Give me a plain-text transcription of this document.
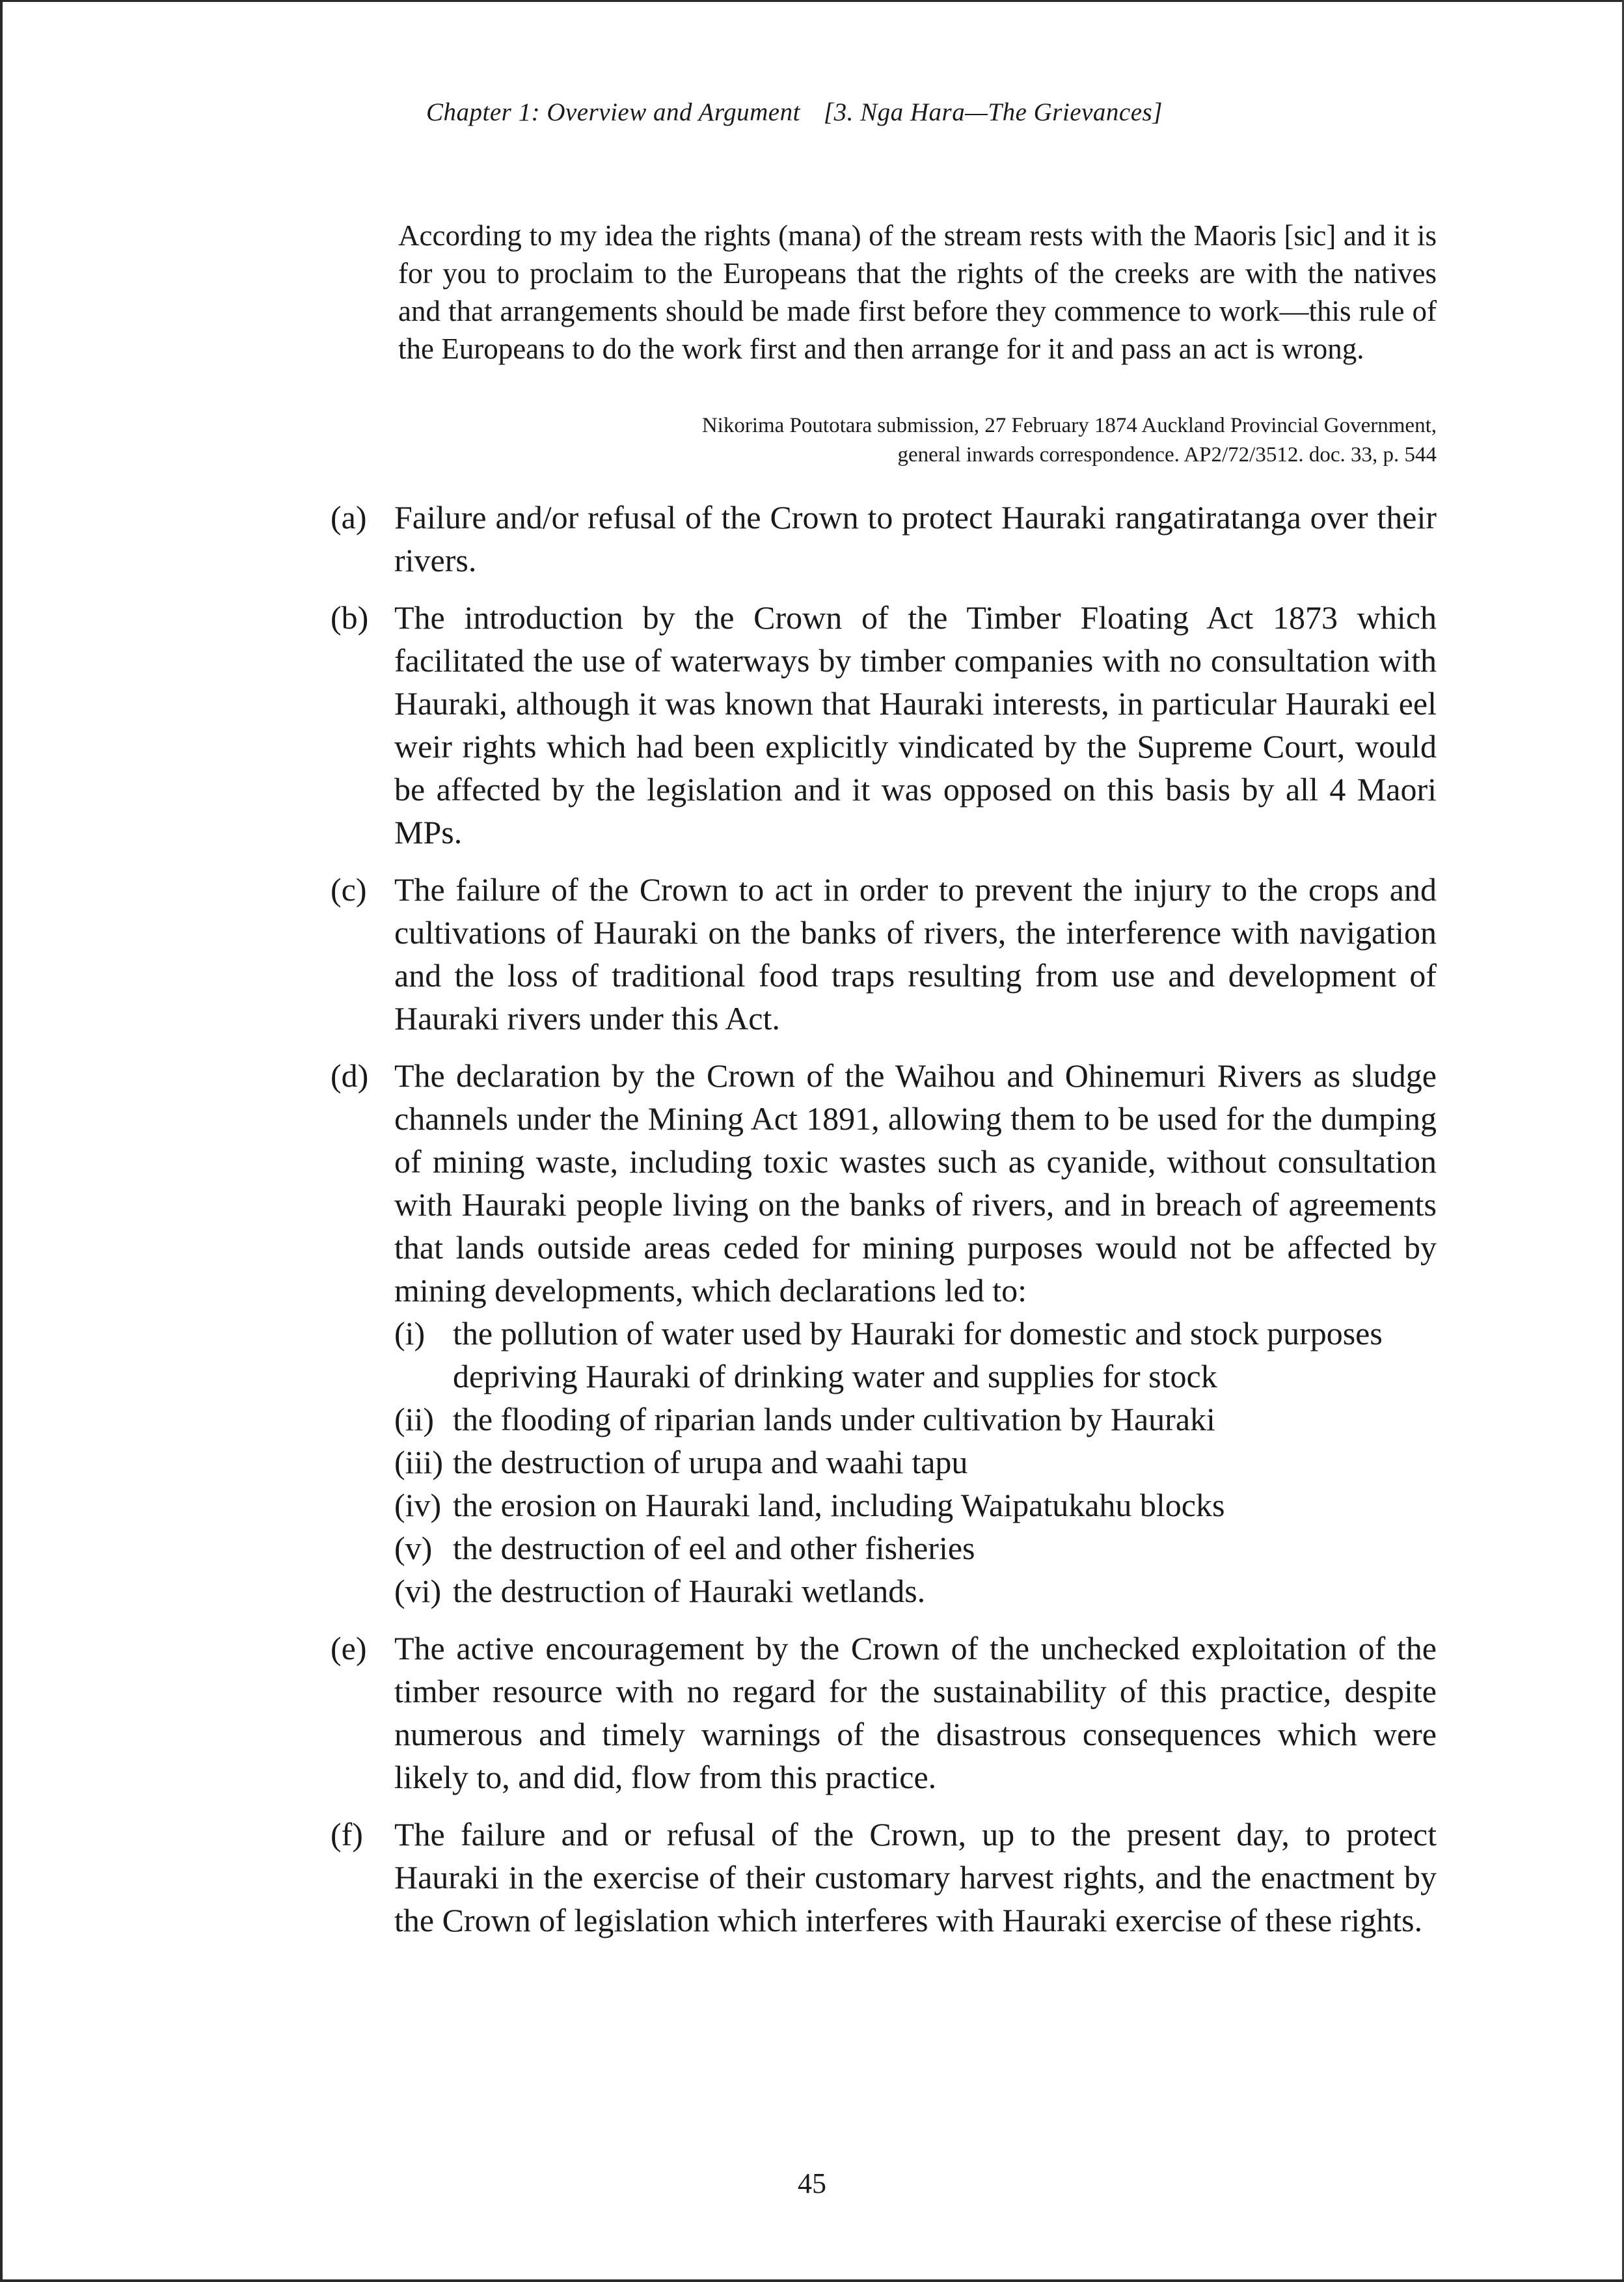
Chapter 1: Overview and Argument [3. Nga Hara—The Grievances]
According to my idea the rights (mana) of the stream rests with the Maoris [sic] and it is for you to proclaim to the Europeans that the rights of the creeks are with the natives and that arrangements should be made first before they commence to work—this rule of the Europeans to do the work first and then arrange for it and pass an act is wrong.
Nikorima Poutotara submission, 27 February 1874 Auckland Provincial Government,
general inwards correspondence. AP2/72/3512. doc. 33, p. 544
(a) Failure and/or refusal of the Crown to protect Hauraki rangatiratanga over their rivers.
(b) The introduction by the Crown of the Timber Floating Act 1873 which facilitated the use of waterways by timber companies with no consultation with Hauraki, although it was known that Hauraki interests, in particular Hauraki eel weir rights which had been explicitly vindicated by the Supreme Court, would be affected by the legislation and it was opposed on this basis by all 4 Maori MPs.
(c) The failure of the Crown to act in order to prevent the injury to the crops and cultivations of Hauraki on the banks of rivers, the interference with navigation and the loss of traditional food traps resulting from use and development of Hauraki rivers under this Act.
(d) The declaration by the Crown of the Waihou and Ohinemuri Rivers as sludge channels under the Mining Act 1891, allowing them to be used for the dumping of mining waste, including toxic wastes such as cyanide, without consultation with Hauraki people living on the banks of rivers, and in breach of agreements that lands outside areas ceded for mining purposes would not be affected by mining developments, which declarations led to:
(i) the pollution of water used by Hauraki for domestic and stock purposes depriving Hauraki of drinking water and supplies for stock
(ii) the flooding of riparian lands under cultivation by Hauraki
(iii) the destruction of urupa and waahi tapu
(iv) the erosion on Hauraki land, including Waipatukahu blocks
(v) the destruction of eel and other fisheries
(vi) the destruction of Hauraki wetlands.
(e) The active encouragement by the Crown of the unchecked exploitation of the timber resource with no regard for the sustainability of this practice, despite numerous and timely warnings of the disastrous consequences which were likely to, and did, flow from this practice.
(f) The failure and or refusal of the Crown, up to the present day, to protect Hauraki in the exercise of their customary harvest rights, and the enactment by the Crown of legislation which interferes with Hauraki exercise of these rights.
45
